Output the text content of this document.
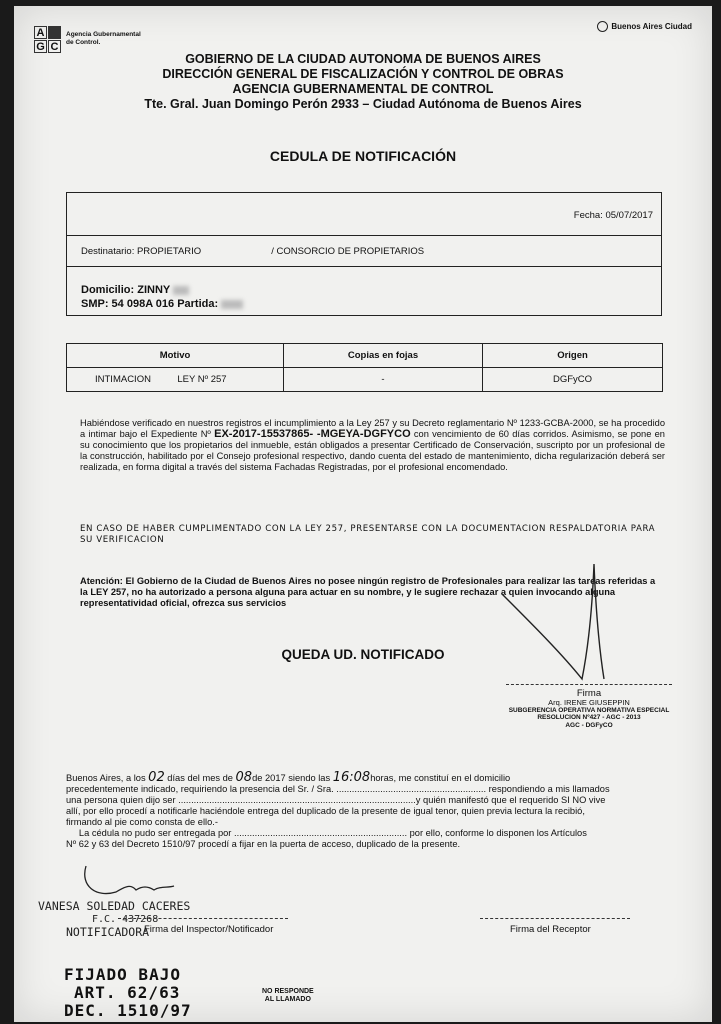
A
G C
Agencia Gubernamental
de Control.
Buenos Aires Ciudad
GOBIERNO DE LA CIUDAD AUTONOMA DE BUENOS AIRES
DIRECCIÓN GENERAL DE FISCALIZACIÓN Y CONTROL DE OBRAS
AGENCIA GUBERNAMENTAL DE CONTROL
Tte. Gral. Juan Domingo Perón 2933 – Ciudad Autónoma de Buenos Aires
CEDULA DE NOTIFICACIÓN
Fecha: 05/07/2017
Destinatario: PROPIETARIO	/ CONSORCIO DE PROPIETARIOS
Domicilio: ZINNY
SMP: 54 098A 016 Partida:
Motivo	Copias en fojas	Origen
INTIMACION          LEY Nº 257	-	DGFyCO
Habiéndose verificado en nuestros registros el incumplimiento a la Ley 257 y su Decreto reglamentario Nº 1233-GCBA-2000, se ha procedido a intimar bajo el Expediente Nº EX-2017-15537865- -MGEYA-DGFYCO con vencimiento de 60 días corridos. Asimismo, se pone en su conocimiento que los propietarios del inmueble, están obligados a presentar Certificado de Conservación, suscripto por un profesional de la construcción, habilitado por el Consejo profesional respectivo, dando cuenta del estado de mantenimiento, dicha regularización deberá ser realizada, en forma digital a través del sistema Fachadas Registradas, por el profesional encomendado.
EN CASO DE HABER CUMPLIMENTADO CON LA LEY 257, PRESENTARSE CON LA DOCUMENTACION RESPALDATORIA PARA SU VERIFICACION
Atención: El Gobierno de la Ciudad de Buenos Aires no posee ningún registro de Profesionales para realizar las tareas referidas a la LEY 257, no ha autorizado a persona alguna para actuar en su nombre, y le sugiere rechazar a quien invocando alguna representatividad oficial, ofrezca sus servicios
QUEDA UD. NOTIFICADO
Firma
Arq. IRENE GIUSEPPIN
SUBGERENCIA OPERATIVA NORMATIVA ESPECIAL
RESOLUCION Nº427 - AGC - 2013
AGC - DGFyCO
Buenos Aires, a los 02 días del mes de 08de 2017 siendo las 16:08horas, me constituí en el domicilio
precedentemente indicado, requiriendo la presencia del Sr. / Sra. .......................................................... respondiendo a mis llamados
una persona quien dijo ser ............................................................................................y quién manifestó que el requerido SI NO vive
allí, por ello procedí a notificarle haciéndole entrega del duplicado de la presente de igual tenor, quien previa lectura la recibió,
firmando al pie como consta de ello.-
La cédula no pudo ser entregada por ................................................................... por ello, conforme lo disponen los Artículos
Nº 62 y 63 del Decreto 1510/97 procedí a fijar en la puerta de acceso, duplicado de la presente.
VANESA SOLEDAD CACERES
F.C. 437268
NOTIFICADORA
Firma del Inspector/Notificador	Firma del Receptor
FIJADO BAJO
ART. 62/63
DEC. 1510/97
NO RESPONDE
AL LLAMADO
